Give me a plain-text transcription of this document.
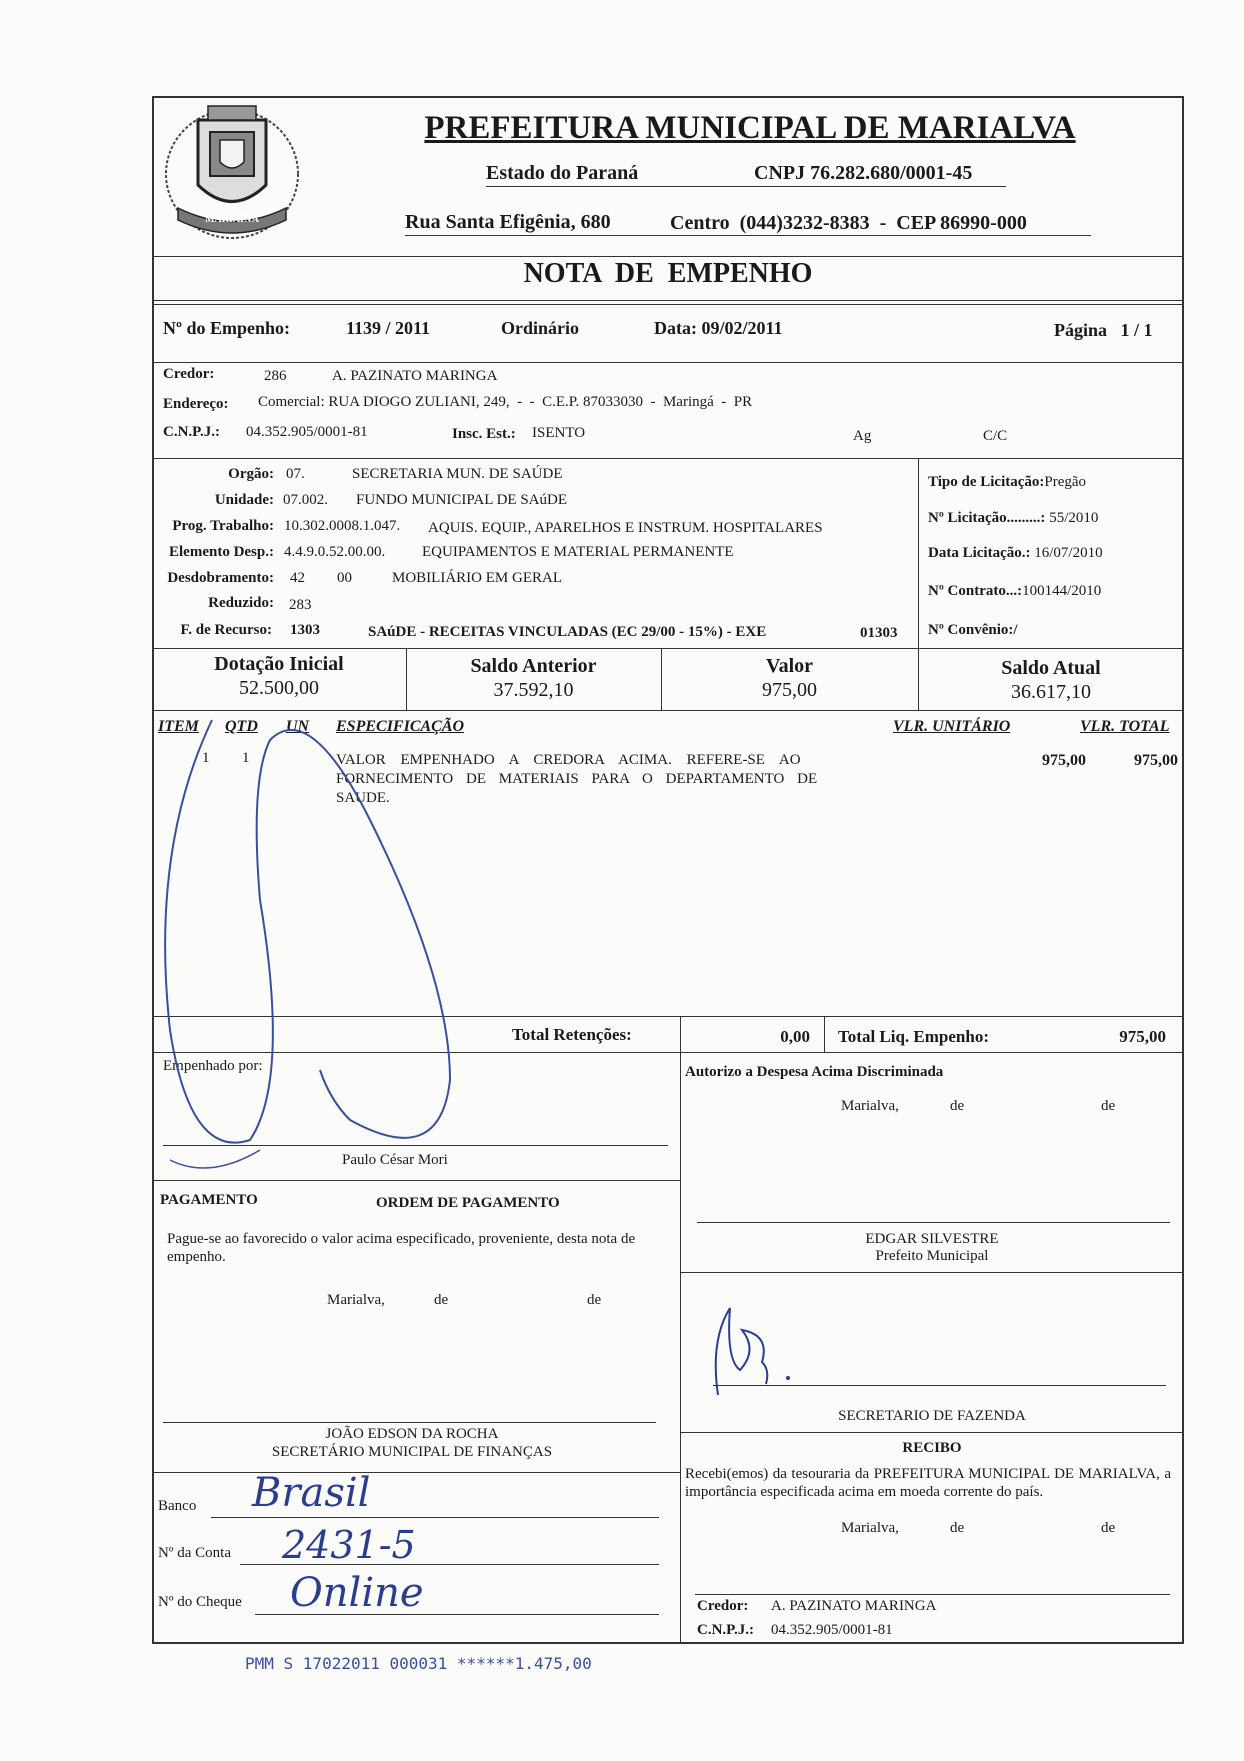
MARIALVA
PREFEITURA MUNICIPAL DE MARIALVA
Estado do Paraná	CNPJ 76.282.680/0001-45
Rua Santa Efigênia, 680	Centro  (044)3232-8383  -  CEP 86990-000
NOTA  DE  EMPENHO
Nº do Empenho:	1139 / 2011	Ordinário	Data: 09/02/2011	Página   1 / 1
Credor:	286	A. PAZINATO MARINGA
Endereço: Comercial: RUA DIOGO ZULIANI, 249,  -  -  C.E.P. 87033030  -  Maringá  -  PR
C.N.P.J.: 04.352.905/0001-81	Insc. Est.: ISENTO	Ag	C/C
Orgão: 07.	SECRETARIA MUN. DE SAÚDE
Unidade: 07.002. FUNDO MUNICIPAL DE SAúDE
Prog. Trabalho: 10.302.0008.1.047. AQUIS. EQUIP., APARELHOS E INSTRUM. HOSPITALARES
Elemento Desp.: 4.4.9.0.52.00.00. EQUIPAMENTOS E MATERIAL PERMANENTE
Desdobramento: 42 00	MOBILIÁRIO EM GERAL
Reduzido: 283
F. de Recurso: 1303	SAúDE - RECEITAS VINCULADAS (EC 29/00 - 15%) - EXE	01303
Tipo de Licitação:Pregão
Nº Licitação.........: 55/2010
Data Licitação.: 16/07/2010
Nº Contrato...:100144/2010
Nº Convênio:/
Dotação Inicial
52.500,00
Saldo Anterior
37.592,10
Valor
975,00
Saldo Atual
36.617,10
ITEM QTD UN ESPECIFICAÇÃO	VLR. UNITÁRIO	VLR. TOTAL
1 1	VALOR EMPENHADO A CREDORA ACIMA. REFERE-SE AO
FORNECIMENTO DE MATERIAIS PARA O DEPARTAMENTO DE
SAUDE.
975,00	975,00
Total Retenções:	0,00 Total Liq. Empenho:	975,00
Empenhado por:
Paulo César Mori
Autorizo a Despesa Acima Discriminada
Marialva,	de	de
EDGAR SILVESTRE
Prefeito Municipal
PAGAMENTO	ORDEM DE PAGAMENTO
Pague-se ao favorecido o valor acima especificado, proveniente, desta nota de empenho.
Marialva,	de	de
JOÃO EDSON DA ROCHA
SECRETÁRIO MUNICIPAL DE FINANÇAS
SECRETARIO DE FAZENDA
RECIBO
Recebi(emos) da tesouraria da PREFEITURA MUNICIPAL DE MARIALVA, a importância especificada acima em moeda corrente do país.
Marialva,	de	de
Credor: A. PAZINATO MARINGA
C.N.P.J.: 04.352.905/0001-81
Banco Brasil
Nº da Conta 2431-5
Nº do Cheque Online
PMM S 17022011 000031 ******1.475,00
